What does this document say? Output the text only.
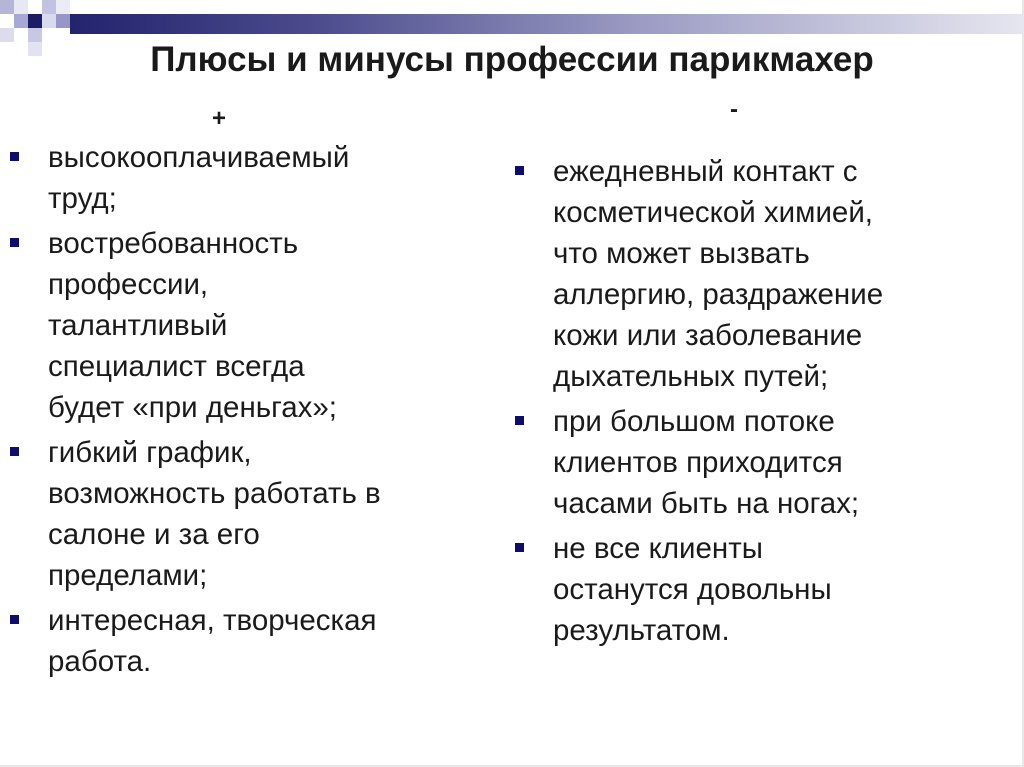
Плюсы и минусы профессии парикмахер
+	-
высокооплачиваемый
труд;
востребованность
профессии,
талантливый
специалист всегда
будет «при деньгах»;
гибкий график,
возможность работать в
салоне и за его
пределами;
интересная, творческая
работа.
ежедневный контакт с
косметической химией,
что может вызвать
аллергию, раздражение
кожи или заболевание
дыхательных путей;
при большом потоке
клиентов приходится
часами быть на ногах;
не все клиенты
останутся довольны
результатом.
